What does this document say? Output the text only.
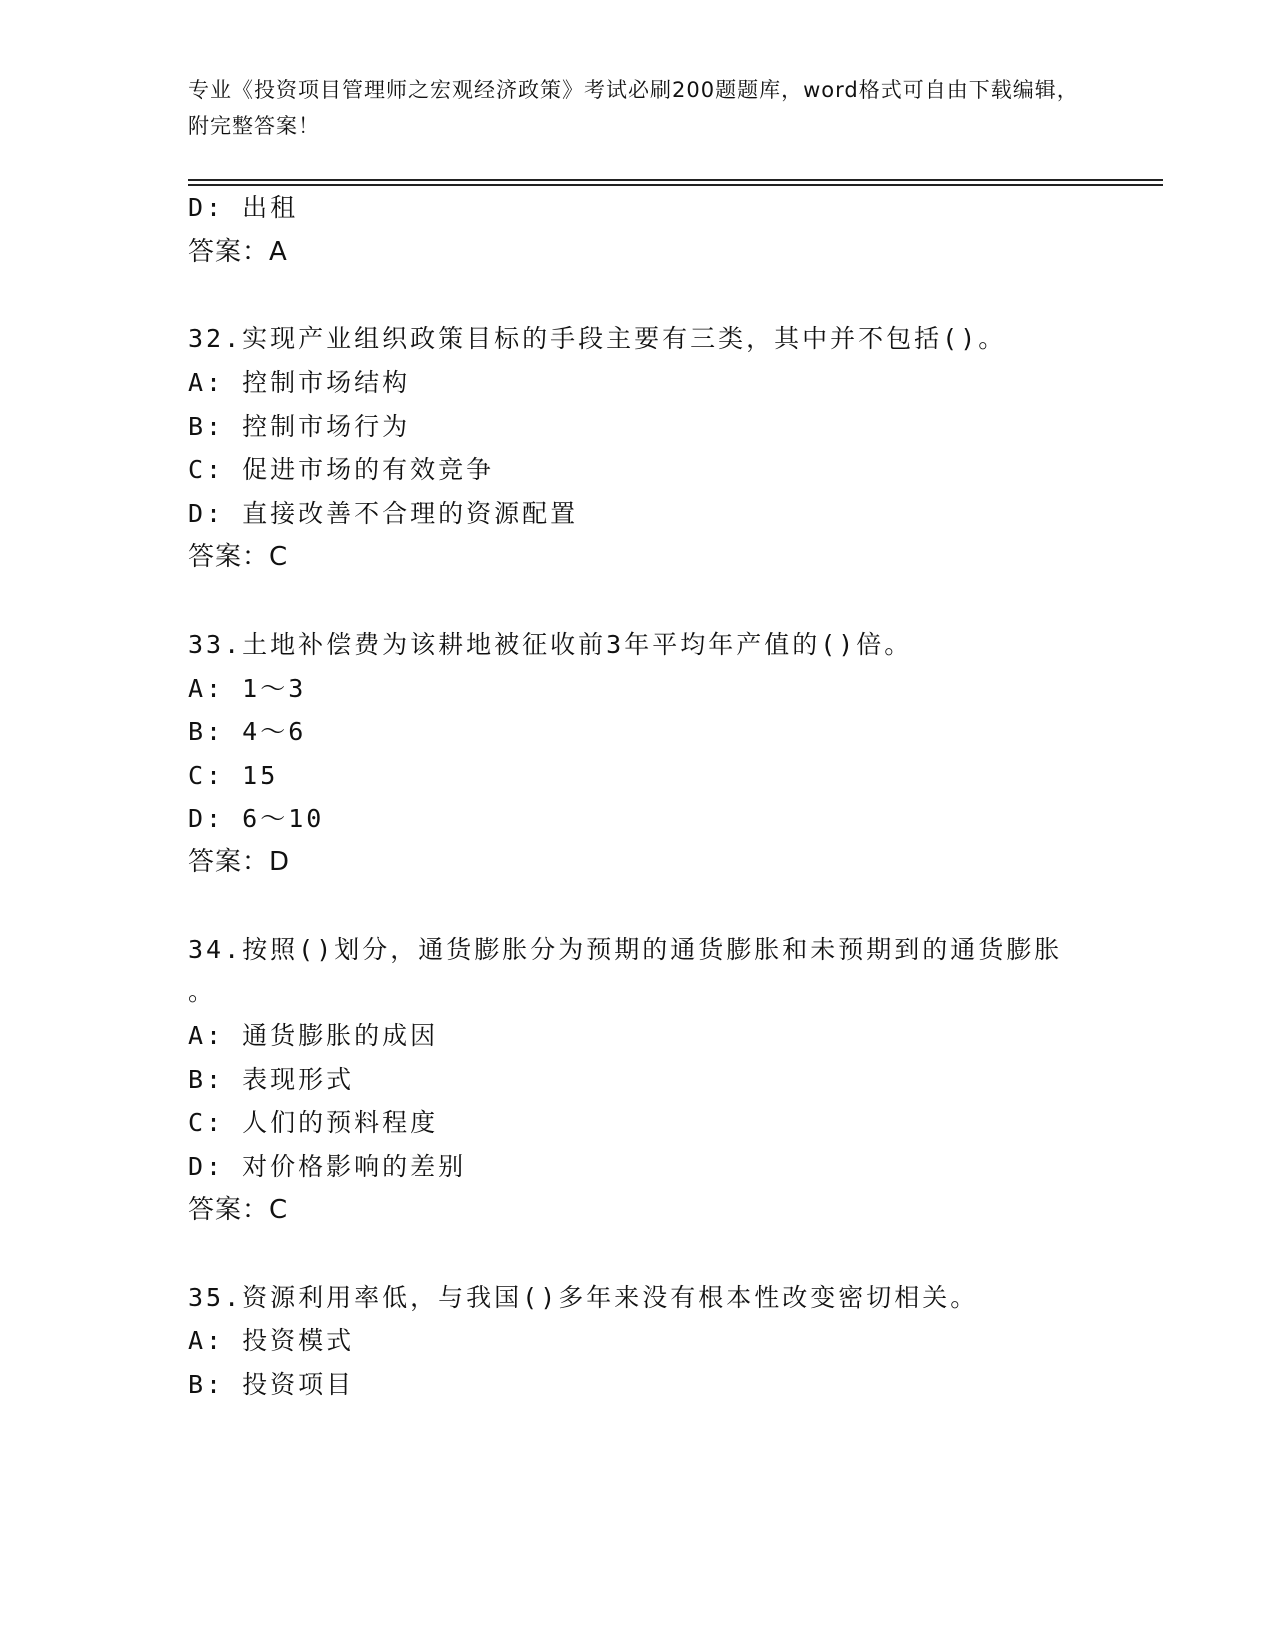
专业《投资项目管理师之宏观经济政策》考试必刷200题题库，word格式可自由下载编辑，附完整答案！
D: 出租
答案：A
32.实现产业组织政策目标的手段主要有三类，其中并不包括()。
A: 控制市场结构
B: 控制市场行为
C: 促进市场的有效竞争
D: 直接改善不合理的资源配置
答案：C
33.土地补偿费为该耕地被征收前3年平均年产值的()倍。
A: 1～3
B: 4～6
C: 15
D: 6～10
答案：D
34.按照()划分，通货膨胀分为预期的通货膨胀和未预期到的通货膨胀
。
A: 通货膨胀的成因
B: 表现形式
C: 人们的预料程度
D: 对价格影响的差别
答案：C
35.资源利用率低，与我国()多年来没有根本性改变密切相关。
A: 投资模式
B: 投资项目
